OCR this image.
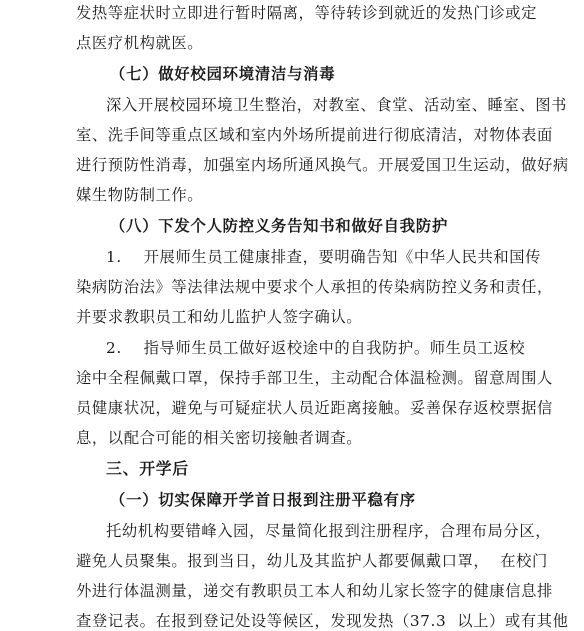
发热等症状时立即进行暂时隔离，等待转诊到就近的发热门诊或定
点医疗机构就医。
（七）做好校园环境清洁与消毒
深入开展校园环境卫生整治，对教室、食堂、活动室、睡室、图书
室、洗手间等重点区域和室内外场所提前进行彻底清洁，对物体表面
进行预防性消毒，加强室内场所通风换气。开展爱国卫生运动，做好病
媒生物防制工作。
（八）下发个人防控义务告知书和做好自我防护
1.    开展师生员工健康排查，要明确告知《中华人民共和国传
染病防治法》等法律法规中要求个人承担的传染病防控义务和责任，
并要求教职员工和幼儿监护人签字确认。
2.    指导师生员工做好返校途中的自我防护。师生员工返校
途中全程佩戴口罩，保持手部卫生，主动配合体温检测。留意周围人
员健康状况，避免与可疑症状人员近距离接触。妥善保存返校票据信
息，以配合可能的相关密切接触者调查。
三、开学后
（一）切实保障开学首日报到注册平稳有序
托幼机构要错峰入园，尽量简化报到注册程序，合理布局分区，
避免人员聚集。报到当日，幼儿及其监护人都要佩戴口罩，  在校门
外进行体温测量，递交有教职员工本人和幼儿家长签字的健康信息排
查登记表。在报到登记处设等候区，发现发热（37.3  以上）或有其他
